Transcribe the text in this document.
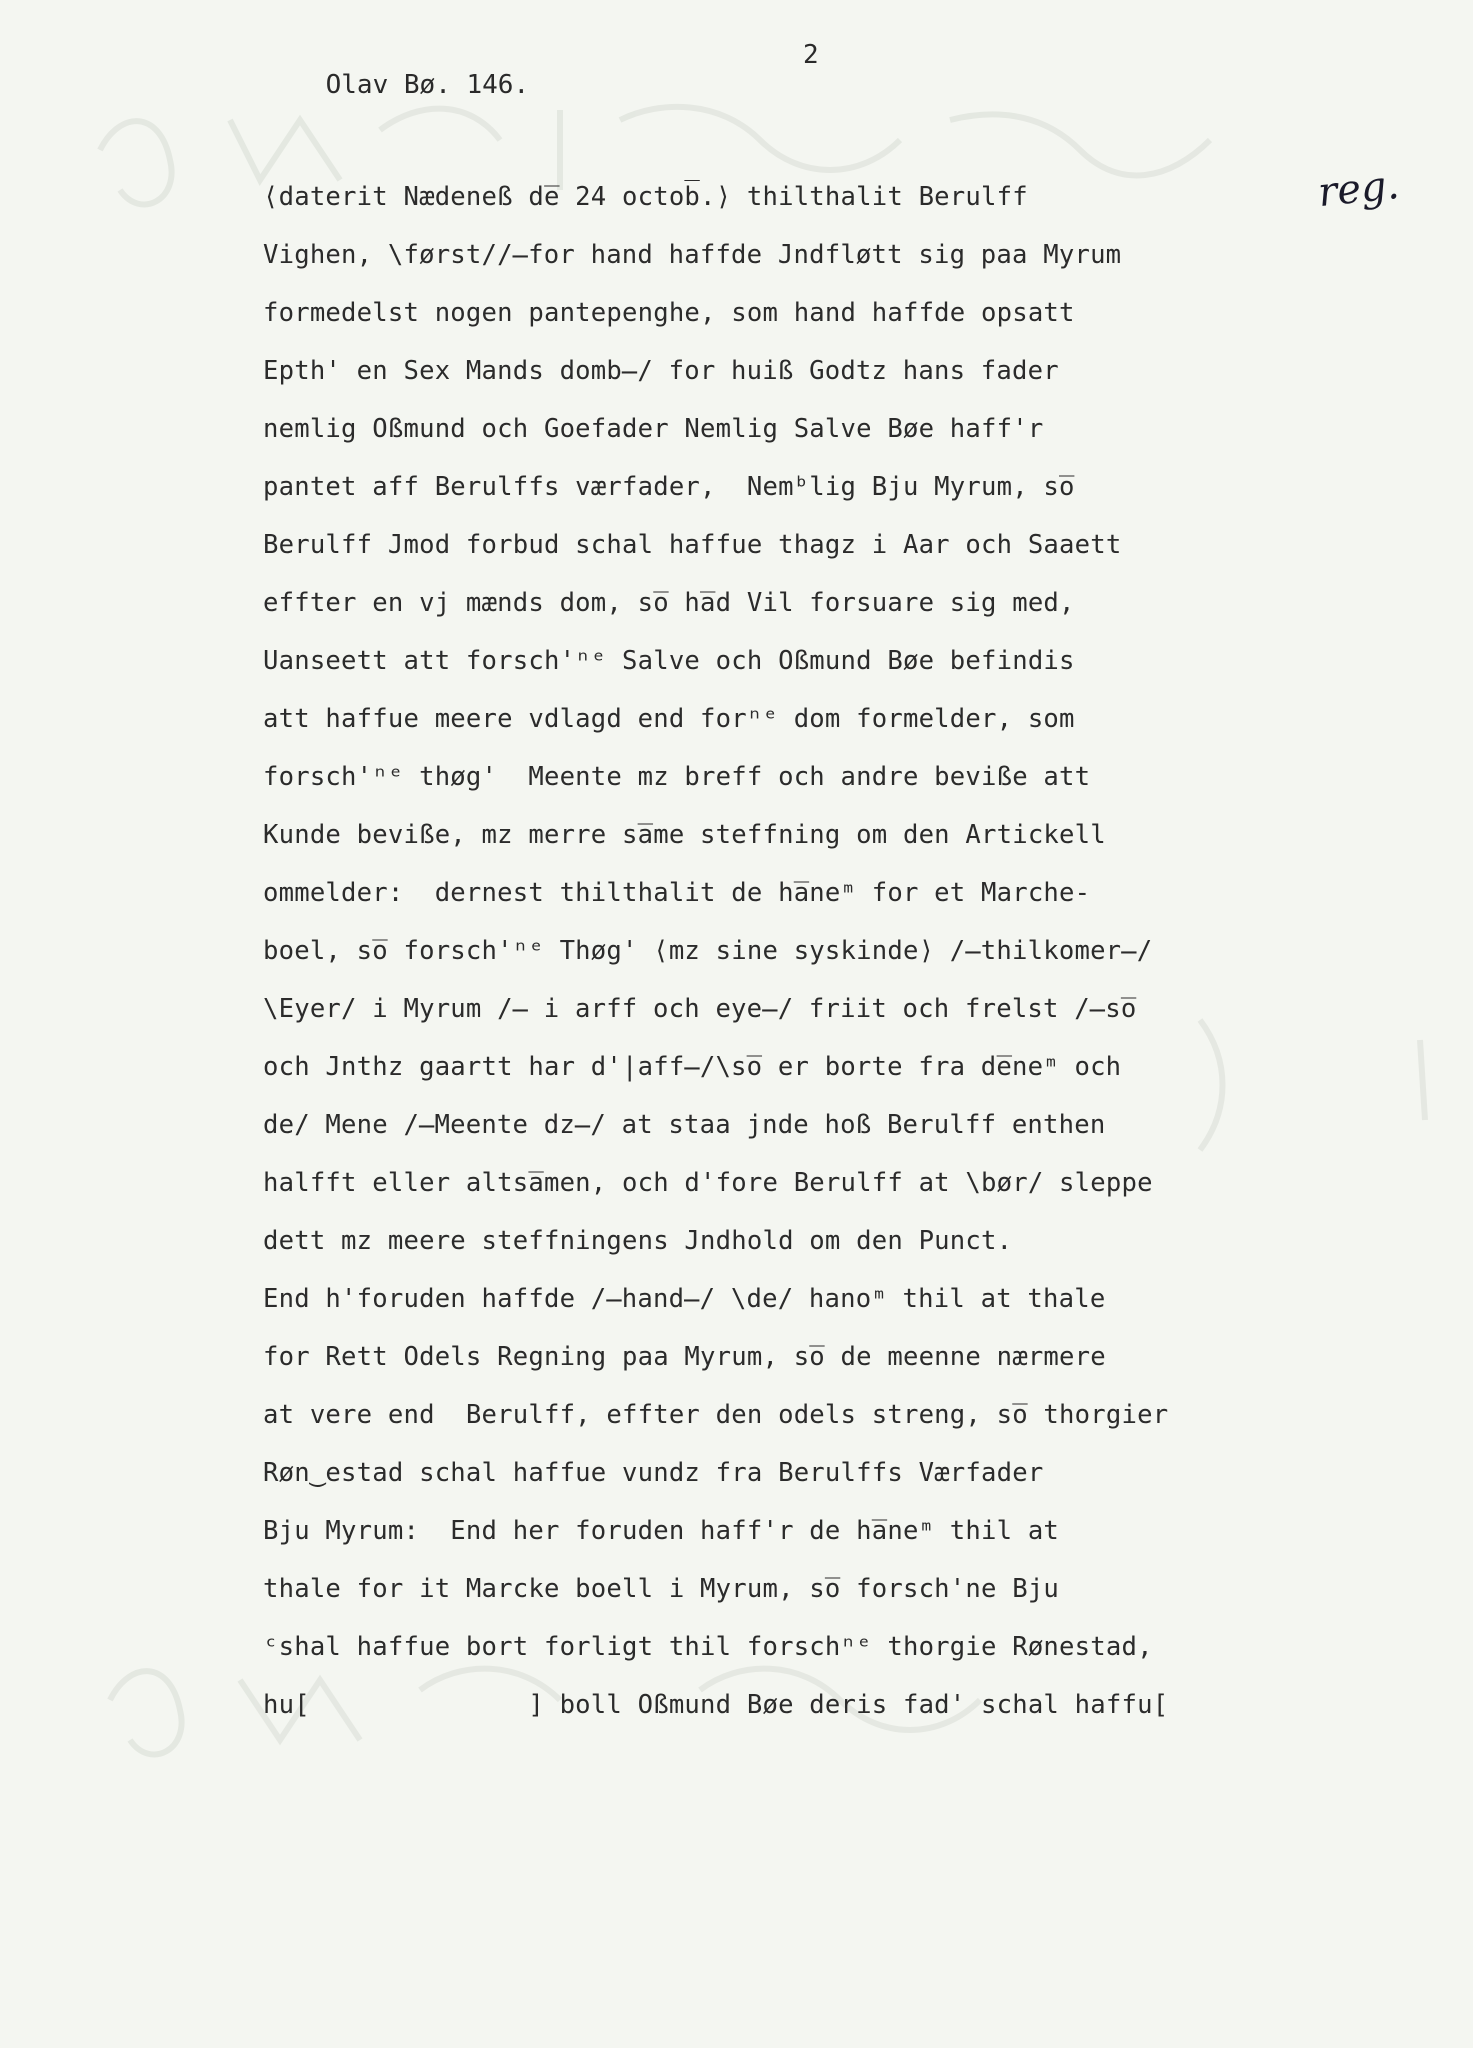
Olav Bø. 146.

2

reg.
⟨daterit Nædeneß de̅ 24 octob̅.⟩ thilthalit Berulff
Vighen, \først//̶for hand haffde Jndfløtt sig paa Myrum
formedelst nogen pantepenghe, som hand haffde opsatt
Epth' en Sex Mands domb̶/ for huiß Godtz hans fader
nemlig Oßmund och Goefader Nemlig Salve Bøe haff'r
pantet aff Berulffs værfader,  Nemᵇlig Bju Myrum, so̅
Berulff Jmod forbud schal haffue thagz i Aar och Saaett
effter en vj mænds dom, so̅ ha̅d Vil forsuare sig med,
Uanseett att forsch'ⁿᵉ Salve och Oßmund Bøe befindis
att haffue meere vdlagd end forⁿᵉ dom formelder, som
forsch'ⁿᵉ thøg'  Meente mz breff och andre beviße att
Kunde beviße, mz merre sa̅me steffning om den Artickell
ommelder:  dernest thilthalit de ha̅neᵐ for et Marche-
boel, so̅ forsch'ⁿᵉ Thøg' ⟨mz sine syskinde⟩ /̶thilkomer̶/
\Eyer/ i Myrum /̶ i arff och eye̶/ friit och frelst /̶so̅
och Jnthz gaartt har d'|aff̶/\so̅ er borte fra de̅neᵐ och
de/ Mene /̶Meente dz̶/ at staa jnde hoß Berulff enthen
halfft eller altsa̅men, och d'fore Berulff at \bør/ sleppe
dett mz meere steffningens Jndhold om den Punct.
End h'foruden haffde /̶hand̶/ \de/ hanoᵐ thil at thale
for Rett Odels Regning paa Myrum, so̅ de meenne nærmere
at vere end  Berulff, effter den odels streng, so̅ thorgier
Røn‿estad schal haffue vundz fra Berulffs Værfader
Bju Myrum:  End her foruden haff'r de ha̅neᵐ thil at
thale for it Marcke boell i Myrum, so̅ forsch'ne Bju
ᶜshal haffue bort forligt thil forschⁿᵉ thorgie Rønestad,
hu[              ] boll Oßmund Bøe deris fad' schal haffu[
